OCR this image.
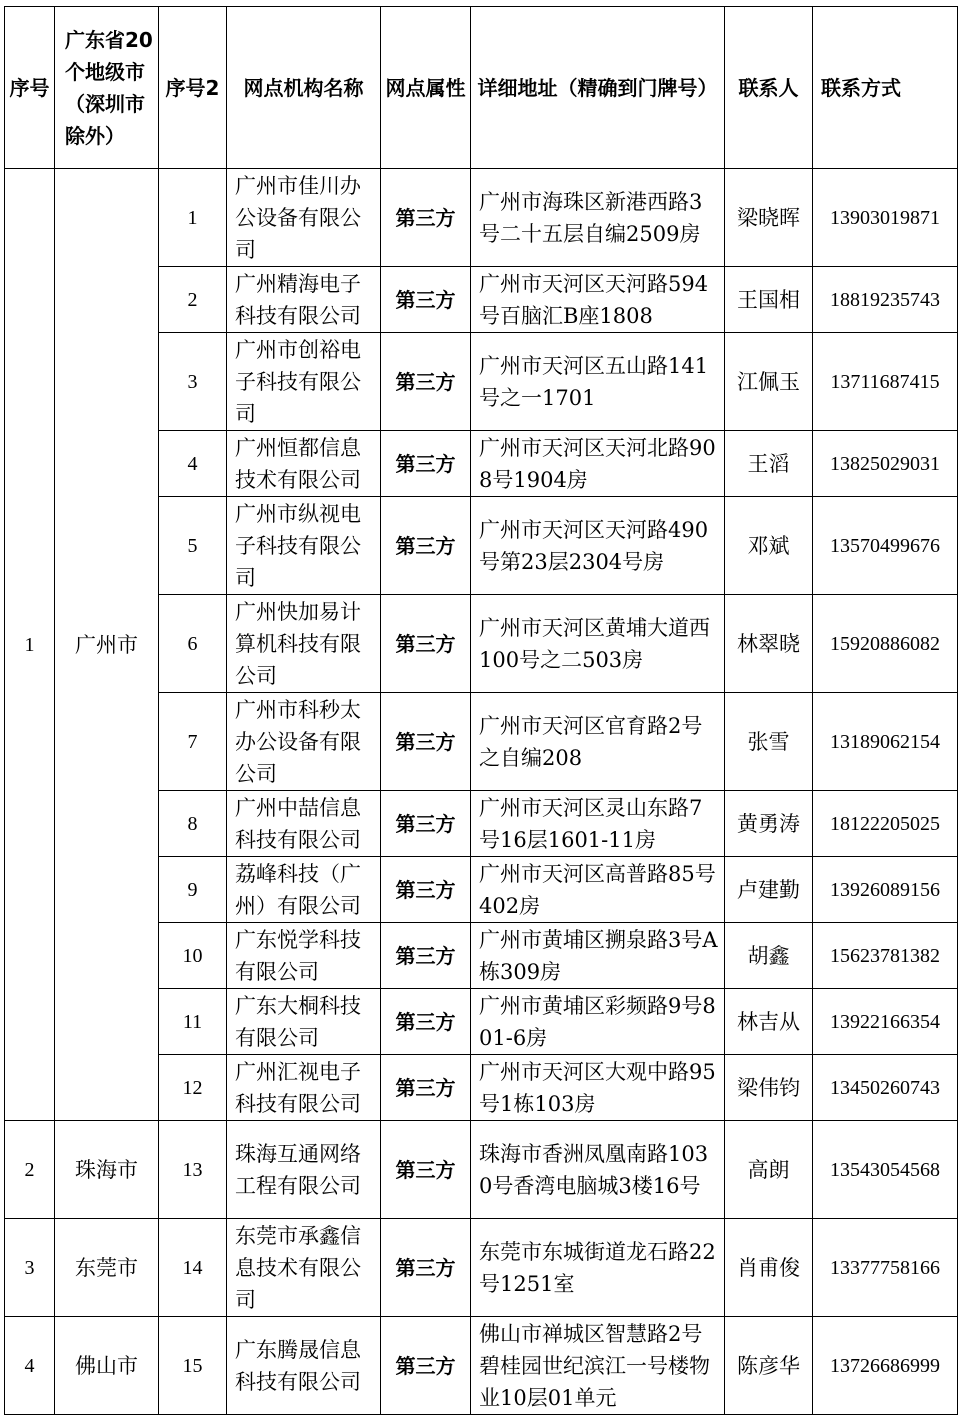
序号	广东省20个地级市（深圳市除外）	序号2	网点机构名称	网点属性	详细地址（精确到门牌号）	联系人	联系方式
1	广州市	1	广州市佳川办公设备有限公司	第三方	广州市海珠区新港西路3号二十五层自编2509房	梁晓晖	13903019871
		2	广州精海电子科技有限公司	第三方	广州市天河区天河路594号百脑汇B座1808	王国相	18819235743
		3	广州市创裕电子科技有限公司	第三方	广州市天河区五山路141号之一1701	江佩玉	13711687415
		4	广州恒都信息技术有限公司	第三方	广州市天河区天河北路908号1904房	王滔	13825029031
		5	广州市纵视电子科技有限公司	第三方	广州市天河区天河路490号第23层2304号房	邓斌	13570499676
		6	广州快加易计算机科技有限公司	第三方	广州市天河区黄埔大道西100号之二503房	林翠晓	15920886082
		7	广州市科秒太办公设备有限公司	第三方	广州市天河区官育路2号之自编208	张雪	13189062154
		8	广州中喆信息科技有限公司	第三方	广州市天河区灵山东路7号16层1601-11房	黄勇涛	18122205025
		9	荔峰科技（广州）有限公司	第三方	广州市天河区高普路85号402房	卢建勤	13926089156
		10	广东悦学科技有限公司	第三方	广州市黄埔区搠泉路3号A栋309房	胡鑫	15623781382
		11	广东大桐科技有限公司	第三方	广州市黄埔区彩频路9号801-6房	林吉从	13922166354
		12	广州汇视电子科技有限公司	第三方	广州市天河区大观中路95号1栋103房	梁伟钧	13450260743
2	珠海市	13	珠海互通网络工程有限公司	第三方	珠海市香洲凤凰南路1030号香湾电脑城3楼16号	高朗	13543054568
3	东莞市	14	东莞市承鑫信息技术有限公司	第三方	东莞市东城街道龙石路22号1251室	肖甫俊	13377758166
4	佛山市	15	广东腾晟信息科技有限公司	第三方	佛山市禅城区智慧路2号碧桂园世纪滨江一号楼物业10层01单元	陈彦华	13726686999
